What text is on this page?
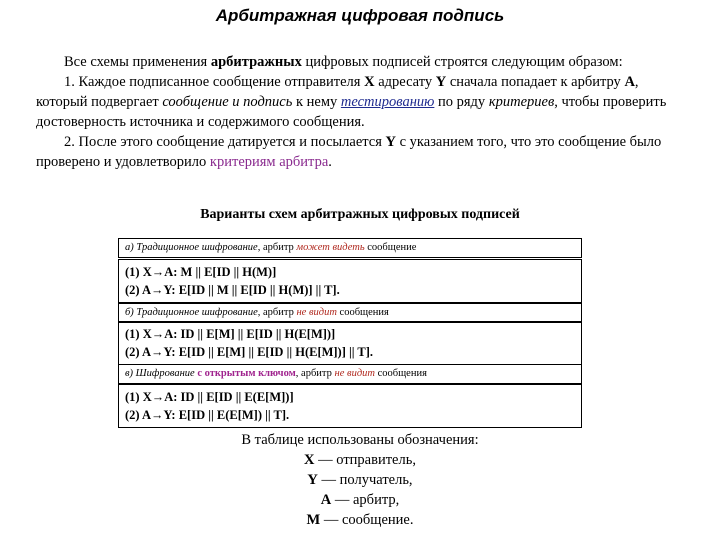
Арбитражная цифровая подпись

Все схемы применения арбитражных цифровых подписей строятся следующим образом:

1. Каждое подписанное сообщение отправителя X адресату Y сначала попадает к арбитру A, который подвергает сообщение и подпись к нему тестированию по ряду критериев, чтобы проверить достоверность источника и содержимого сообщения.

2. После этого сообщение датируется и посылается Y с указанием того, что это сообщение было проверено и удовлетворило критериям арбитра.

Варианты схем арбитражных цифровых подписей
а) Традиционное шифрование, арбитр может видеть сообщение
(1) X→A: M || E[ID || H(M)]
(2) A→Y: E[ID || M || E[ID || H(M)] || T].
б) Традиционное шифрование, арбитр не видит сообщения
(1) X→A: ID || E[M] || E[ID || H(E[M])]
(2) A→Y: E[ID || E[M] || E[ID || H(E[M])] || T].
в) Шифрование с открытым ключом, арбитр не видит сообщения
(1) X→A: ID || E[ID || E(E[M])]
(2) A→Y: E[ID || E(E[M]) || T].

В таблице использованы обозначения:

X — отправитель,

Y — получатель,

A — арбитр,

M — сообщение.
